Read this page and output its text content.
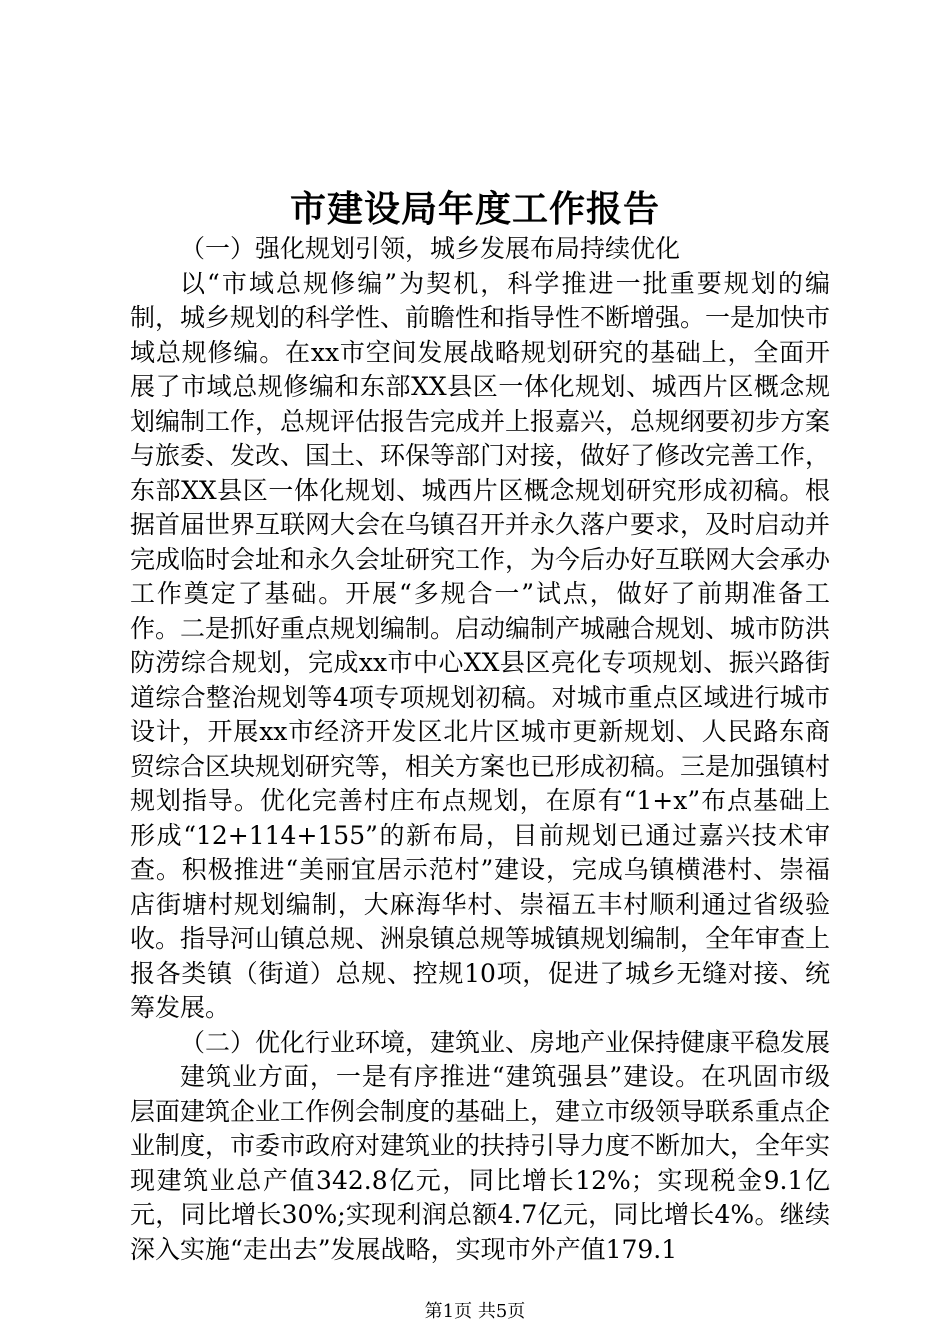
市建设局年度工作报告

（一）强化规划引领，城乡发展布局持续优化

以“市域总规修编”为契机，科学推进一批重要规划的编制，城乡规划的科学性、前瞻性和指导性不断增强。一是加快市域总规修编。在xx市空间发展战略规划研究的基础上，全面开展了市域总规修编和东部XX县区一体化规划、城西片区概念规划编制工作，总规评估报告完成并上报嘉兴，总规纲要初步方案与旅委、发改、国土、环保等部门对接，做好了修改完善工作，东部XX县区一体化规划、城西片区概念规划研究形成初稿。根据首届世界互联网大会在乌镇召开并永久落户要求，及时启动并完成临时会址和永久会址研究工作，为今后办好互联网大会承办工作奠定了基础。开展“多规合一”试点，做好了前期准备工作。二是抓好重点规划编制。启动编制产城融合规划、城市防洪防涝综合规划，完成xx市中心XX县区亮化专项规划、振兴路街道综合整治规划等4项专项规划初稿。对城市重点区域进行城市设计，开展xx市经济开发区北片区城市更新规划、人民路东商贸综合区块规划研究等，相关方案也已形成初稿。三是加强镇村规划指导。优化完善村庄布点规划，在原有“1+x”布点基础上形成“12+114+155”的新布局，目前规划已通过嘉兴技术审查。积极推进“美丽宜居示范村”建设，完成乌镇横港村、崇福店街塘村规划编制，大麻海华村、崇福五丰村顺利通过省级验收。指导河山镇总规、洲泉镇总规等城镇规划编制，全年审查上报各类镇（街道）总规、控规10项，促进了城乡无缝对接、统筹发展。

（二）优化行业环境，建筑业、房地产业保持健康平稳发展

建筑业方面，一是有序推进“建筑强县”建设。在巩固市级层面建筑企业工作例会制度的基础上，建立市级领导联系重点企业制度，市委市政府对建筑业的扶持引导力度不断加大，全年实现建筑业总产值342.8亿元，同比增长12%；实现税金9.1亿元，同比增长30%;实现利润总额4.7亿元，同比增长4%。继续深入实施“走出去”发展战略，实现市外产值179.1

第1页 共5页
